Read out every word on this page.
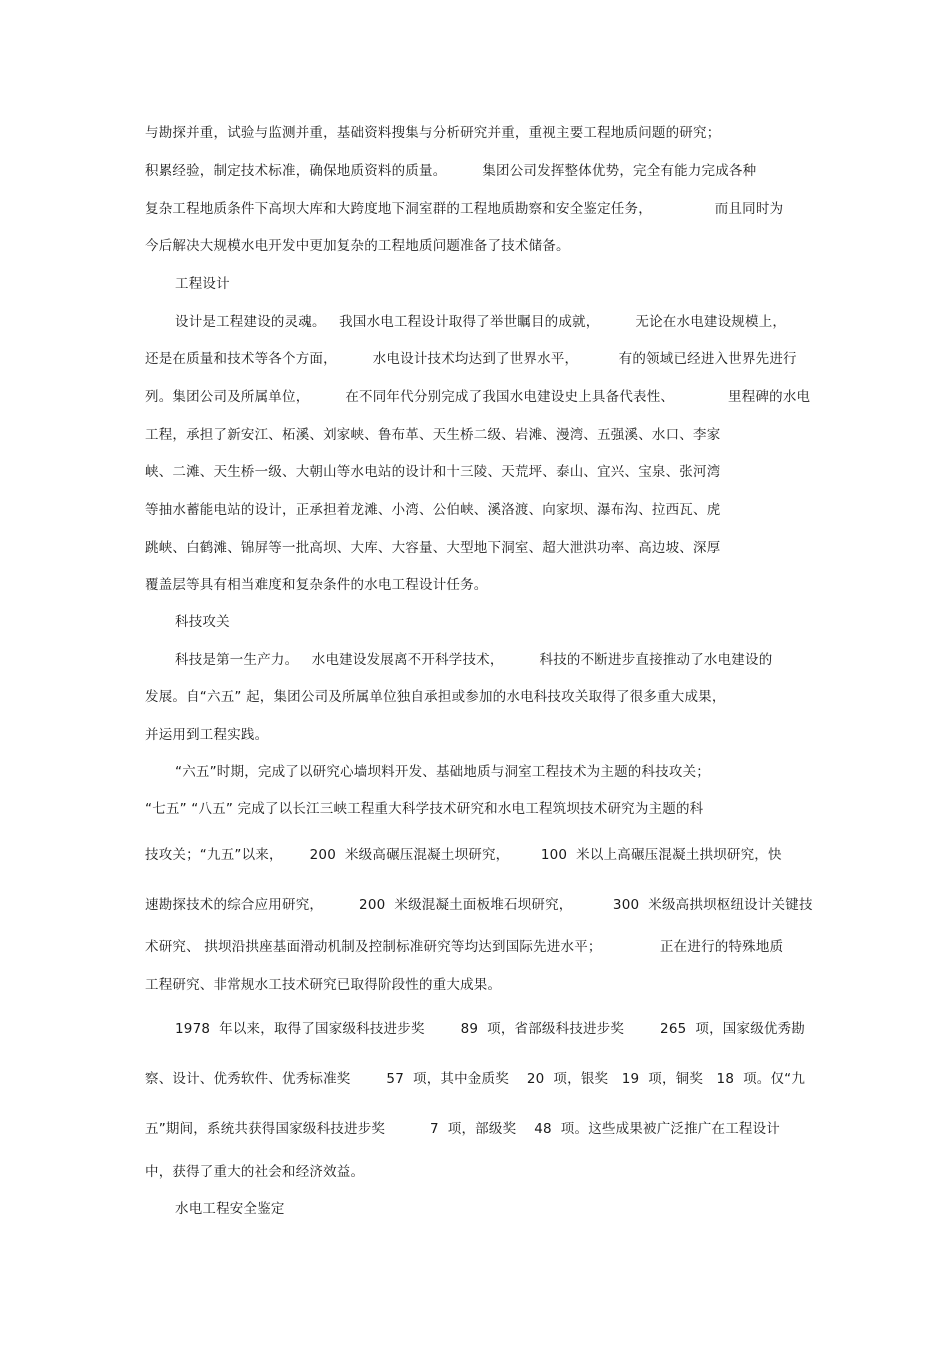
与勘探并重，试验与监测并重，基础资料搜集与分析研究并重，重视主要工程地质问题的研究；
积累经验，制定技术标准，确保地质资料的质量。        集团公司发挥整体优势，完全有能力完成各种
复杂工程地质条件下高坝大库和大跨度地下洞室群的工程地质勘察和安全鉴定任务，              而且同时为
今后解决大规模水电开发中更加复杂的工程地质问题准备了技术储备。
工程设计
设计是工程建设的灵魂。   我国水电工程设计取得了举世瞩目的成就，        无论在水电建设规模上，
还是在质量和技术等各个方面，        水电设计技术均达到了世界水平，         有的领域已经进入世界先进行
列。集团公司及所属单位，        在不同年代分别完成了我国水电建设史上具备代表性、            里程碑的水电
工程，承担了新安江、柘溪、刘家峡、鲁布革、天生桥二级、岩滩、漫湾、五强溪、水口、李家
峡、二滩、天生桥一级、大朝山等水电站的设计和十三陵、天荒坪、泰山、宜兴、宝泉、张河湾
等抽水蓄能电站的设计，正承担着龙滩、小湾、公伯峡、溪洛渡、向家坝、瀑布沟、拉西瓦、虎
跳峡、白鹤滩、锦屏等一批高坝、大库、大容量、大型地下洞室、超大泄洪功率、高边坡、深厚
覆盖层等具有相当难度和复杂条件的水电工程设计任务。
科技攻关
科技是第一生产力。   水电建设发展离不开科学技术，        科技的不断进步直接推动了水电建设的
发展。自“六五” 起，集团公司及所属单位独自承担或参加的水电科技攻关取得了很多重大成果，
并运用到工程实践。
“六五”时期，完成了以研究心墙坝料开发、基础地质与洞室工程技术为主题的科技攻关；
“七五” “八五” 完成了以长江三峡工程重大科学技术研究和水电工程筑坝技术研究为主题的科
技攻关；“九五”以来，      200  米级高碾压混凝土坝研究，       100  米以上高碾压混凝土拱坝研究，快
速勘探技术的综合应用研究，        200  米级混凝土面板堆石坝研究，         300  米级高拱坝枢纽设计关键技
术研究、 拱坝沿拱座基面滑动机制及控制标准研究等均达到国际先进水平；             正在进行的特殊地质
工程研究、非常规水工技术研究已取得阶段性的重大成果。
1978  年以来，取得了国家级科技进步奖        89  项，省部级科技进步奖        265  项，国家级优秀勘
察、设计、优秀软件、优秀标准奖        57  项，其中金质奖    20  项，银奖   19  项，铜奖   18  项。仅“九
五”期间，系统共获得国家级科技进步奖          7  项，部级奖    48  项。这些成果被广泛推广在工程设计
中，获得了重大的社会和经济效益。
水电工程安全鉴定
